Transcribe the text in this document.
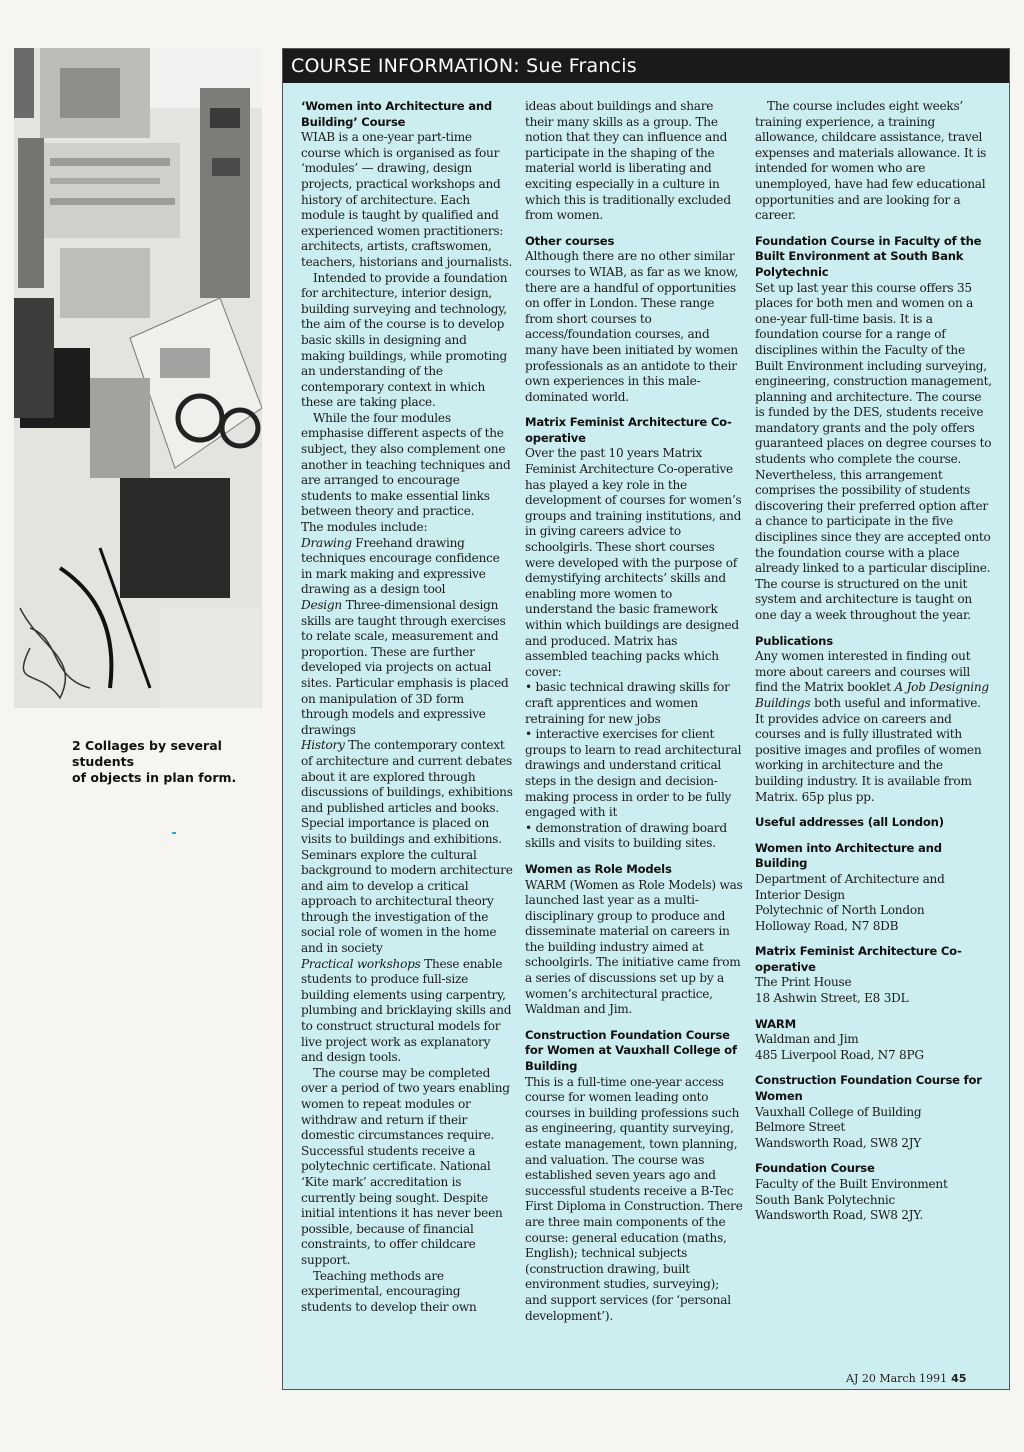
2 Collages by several students
of objects in plan form.
COURSE INFORMATION: Sue Francis
‘Women into Architecture and Building’ Course

WIAB is a one-year part-time course which is organised as four ‘modules’ — drawing, design projects, practical workshops and history of architecture. Each module is taught by qualified and experienced women practitioners: architects, artists, craftswomen, teachers, historians and journalists.

Intended to provide a foundation for architecture, interior design, building surveying and technology, the aim of the course is to develop basic skills in designing and making buildings, while promoting an understanding of the contemporary context in which these are taking place.

While the four modules emphasise different aspects of the subject, they also complement one another in teaching techniques and are arranged to encourage students to make essential links between theory and practice.

The modules include:

Drawing Freehand drawing techniques encourage confidence in mark making and expressive drawing as a design tool

Design Three-dimensional design skills are taught through exercises to relate scale, measurement and proportion. These are further developed via projects on actual sites. Particular emphasis is placed on manipulation of 3D form through models and expressive drawings

History The contemporary context of architecture and current debates about it are explored through discussions of buildings, exhibitions and published articles and books. Special importance is placed on visits to buildings and exhibitions. Seminars explore the cultural background to modern architecture and aim to develop a critical approach to architectural theory through the investigation of the social role of women in the home and in society

Practical workshops These enable students to produce full-size building elements using carpentry, plumbing and bricklaying skills and to construct structural models for live project work as explanatory and design tools.

The course may be completed over a period of two years enabling women to repeat modules or withdraw and return if their domestic circumstances require. Successful students receive a polytechnic certificate. National ‘Kite mark’ accreditation is currently being sought. Despite initial intentions it has never been possible, because of financial constraints, to offer childcare support.

Teaching methods are experimental, encouraging students to develop their own

ideas about buildings and share their many skills as a group. The notion that they can influence and participate in the shaping of the material world is liberating and exciting especially in a culture in which this is traditionally excluded from women.

Other courses

Although there are no other similar courses to WIAB, as far as we know, there are a handful of opportunities on offer in London. These range from short courses to access/foundation courses, and many have been initiated by women professionals as an antidote to their own experiences in this male-dominated world.

Matrix Feminist Architecture Co-operative

Over the past 10 years Matrix Feminist Architecture Co-operative has played a key role in the development of courses for women’s groups and training institutions, and in giving careers advice to schoolgirls. These short courses were developed with the purpose of demystifying architects’ skills and enabling more women to understand the basic framework within which buildings are designed and produced. Matrix has assembled teaching packs which cover:

• basic technical drawing skills for craft apprentices and women retraining for new jobs

• interactive exercises for client groups to learn to read architectural drawings and understand critical steps in the design and decision-making process in order to be fully engaged with it

• demonstration of drawing board skills and visits to building sites.

Women as Role Models

WARM (Women as Role Models) was launched last year as a multi-disciplinary group to produce and disseminate material on careers in the building industry aimed at schoolgirls. The initiative came from a series of discussions set up by a women’s architectural practice, Waldman and Jim.

Construction Foundation Course for Women at Vauxhall College of Building

This is a full-time one-year access course for women leading onto courses in building professions such as engineering, quantity surveying, estate management, town planning, and valuation. The course was established seven years ago and successful students receive a B-Tec First Diploma in Construction. There are three main components of the course: general education (maths, English); technical subjects (construction drawing, built environment studies, surveying); and support services (for ‘personal development’).

The course includes eight weeks’ training experience, a training allowance, childcare assistance, travel expenses and materials allowance. It is intended for women who are unemployed, have had few educational opportunities and are looking for a career.

Foundation Course in Faculty of the Built Environment at South Bank Polytechnic

Set up last year this course offers 35 places for both men and women on a one-year full-time basis. It is a foundation course for a range of disciplines within the Faculty of the Built Environment including surveying, engineering, construction management, planning and architecture. The course is funded by the DES, students receive mandatory grants and the poly offers guaranteed places on degree courses to students who complete the course. Nevertheless, this arrangement comprises the possibility of students discovering their preferred option after a chance to participate in the five disciplines since they are accepted onto the foundation course with a place already linked to a particular discipline. The course is structured on the unit system and architecture is taught on one day a week throughout the year.

Publications

Any women interested in finding out more about careers and courses will find the Matrix booklet A Job Designing Buildings both useful and informative. It provides advice on careers and courses and is fully illustrated with positive images and profiles of women working in architecture and the building industry. It is available from Matrix. 65p plus pp.

Useful addresses (all London)
Women into Architecture and Building

Department of Architecture and Interior Design

Polytechnic of North London

Holloway Road, N7 8DB

Matrix Feminist Architecture Co-operative

The Print House

18 Ashwin Street, E8 3DL

WARM

Waldman and Jim

485 Liverpool Road, N7 8PG

Construction Foundation Course for Women

Vauxhall College of Building

Belmore Street

Wandsworth Road, SW8 2JY

Foundation Course

Faculty of the Built Environment

South Bank Polytechnic

Wandsworth Road, SW8 2JY.

AJ 20 March 1991 45
